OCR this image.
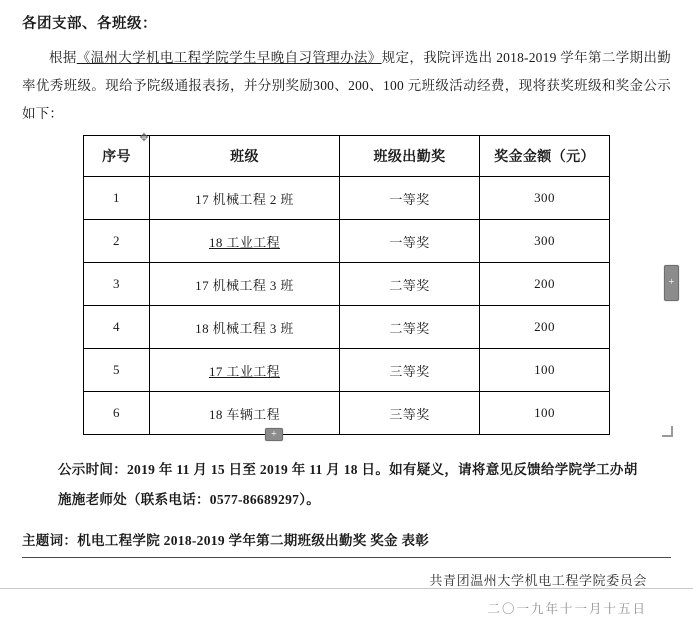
各团支部、各班级：

根据《温州大学机电工程学院学生早晚自习管理办法》规定，我院评选出 2018-2019 学年第二学期出勤率优秀班级。现给予院级通报表扬，并分别奖励300、200、100 元班级活动经费，现将获奖班级和奖金公示如下：

✥
序号	班级	班级出勤奖	奖金金额（元）
1	17 机械工程 2 班	一等奖	300
2	18 工业工程	一等奖	300
3	17 机械工程 3 班	二等奖	200
4	18 机械工程 3 班	二等奖	200
5	17 工业工程	三等奖	100
6	18 车辆工程	三等奖	100
+
+
公示时间：2019 年 11 月 15 日至 2019 年 11 月 18 日。如有疑义，请将意见反馈给学院学工办胡
施施老师处（联系电话：0577-86689297）。
主题词：机电工程学院 2018-2019 学年第二期班级出勤奖 奖金 表彰
共青团温州大学机电工程学院委员会
二〇一九年十一月十五日
